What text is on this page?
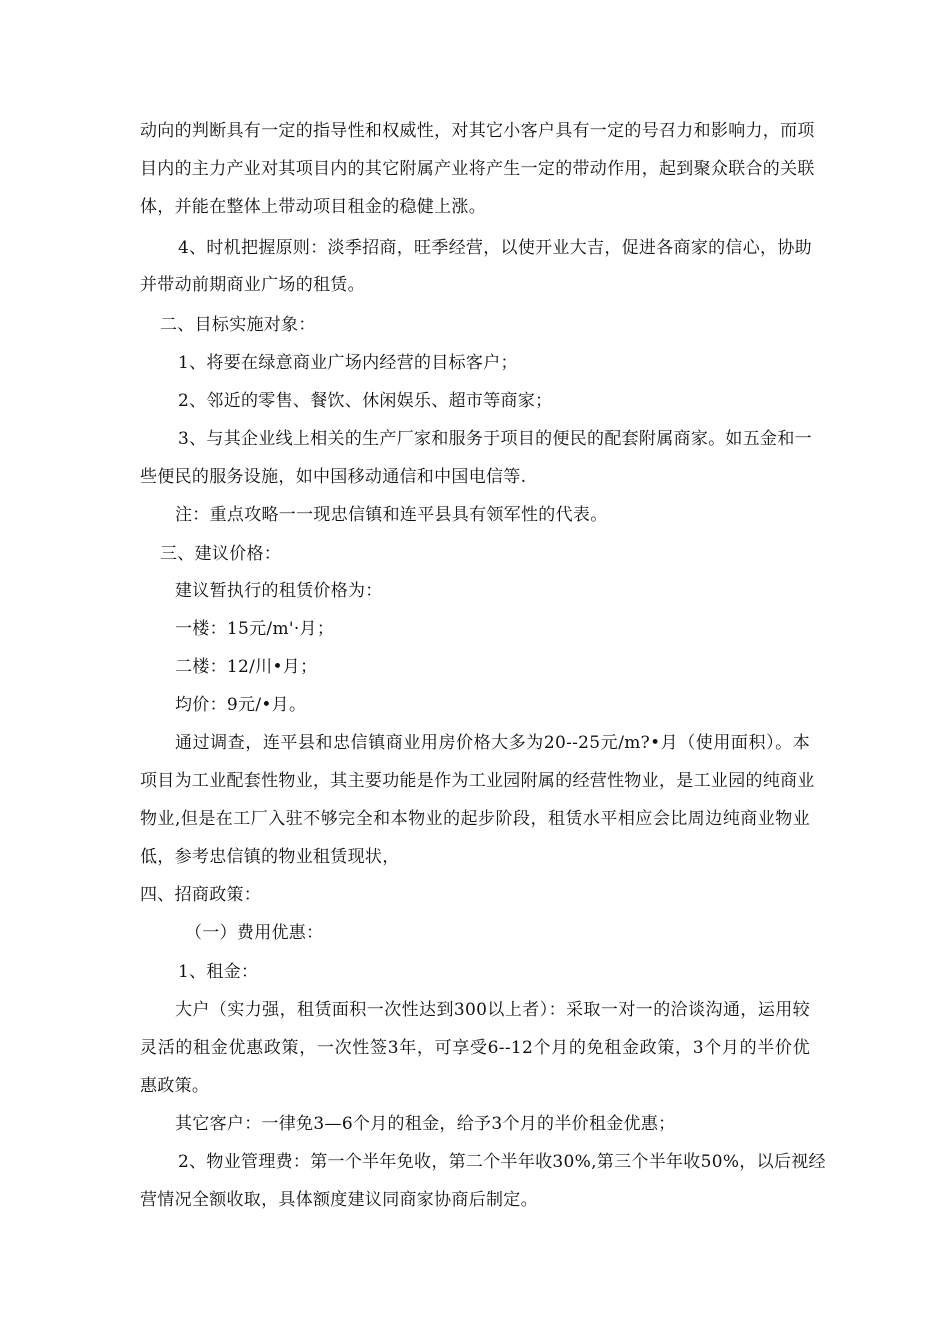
动向的判断具有一定的指导性和权威性，对其它小客户具有一定的号召力和影响力，而项
目内的主力产业对其项目内的其它附属产业将产生一定的带动作用，起到聚众联合的关联
体，并能在整体上带动项目租金的稳健上涨。
4、时机把握原则：淡季招商，旺季经营，以使开业大吉，促进各商家的信心，协助
并带动前期商业广场的租赁。
二、目标实施对象：
1、将要在绿意商业广场内经营的目标客户；
2、邻近的零售、餐饮、休闲娱乐、超市等商家；
3、与其企业线上相关的生产厂家和服务于项目的便民的配套附属商家。如五金和一
些便民的服务设施，如中国移动通信和中国电信等.
注：重点攻略一一现忠信镇和连平县具有领军性的代表。
三、建议价格：
建议暂执行的租赁价格为：
一楼：15元/m'·月；
二楼：12/川•月；
均价：9元/•月。
通过调查，连平县和忠信镇商业用房价格大多为20--25元/m?•月（使用面积）。本
项目为工业配套性物业，其主要功能是作为工业园附属的经营性物业，是工业园的纯商业
物业,但是在工厂入驻不够完全和本物业的起步阶段，租赁水平相应会比周边纯商业物业
低，参考忠信镇的物业租赁现状，
四、招商政策：
（一）费用优惠：
1、租金：
大户（实力强，租赁面积一次性达到300以上者）：采取一对一的洽谈沟通，运用较
灵活的租金优惠政策，一次性签3年，可享受6--12个月的免租金政策，3个月的半价优
惠政策。
其它客户：一律免3—6个月的租金，给予3个月的半价租金优惠；
2、物业管理费：第一个半年免收，第二个半年收30%,第三个半年收50%，以后视经
营情况全额收取，具体额度建议同商家协商后制定。
